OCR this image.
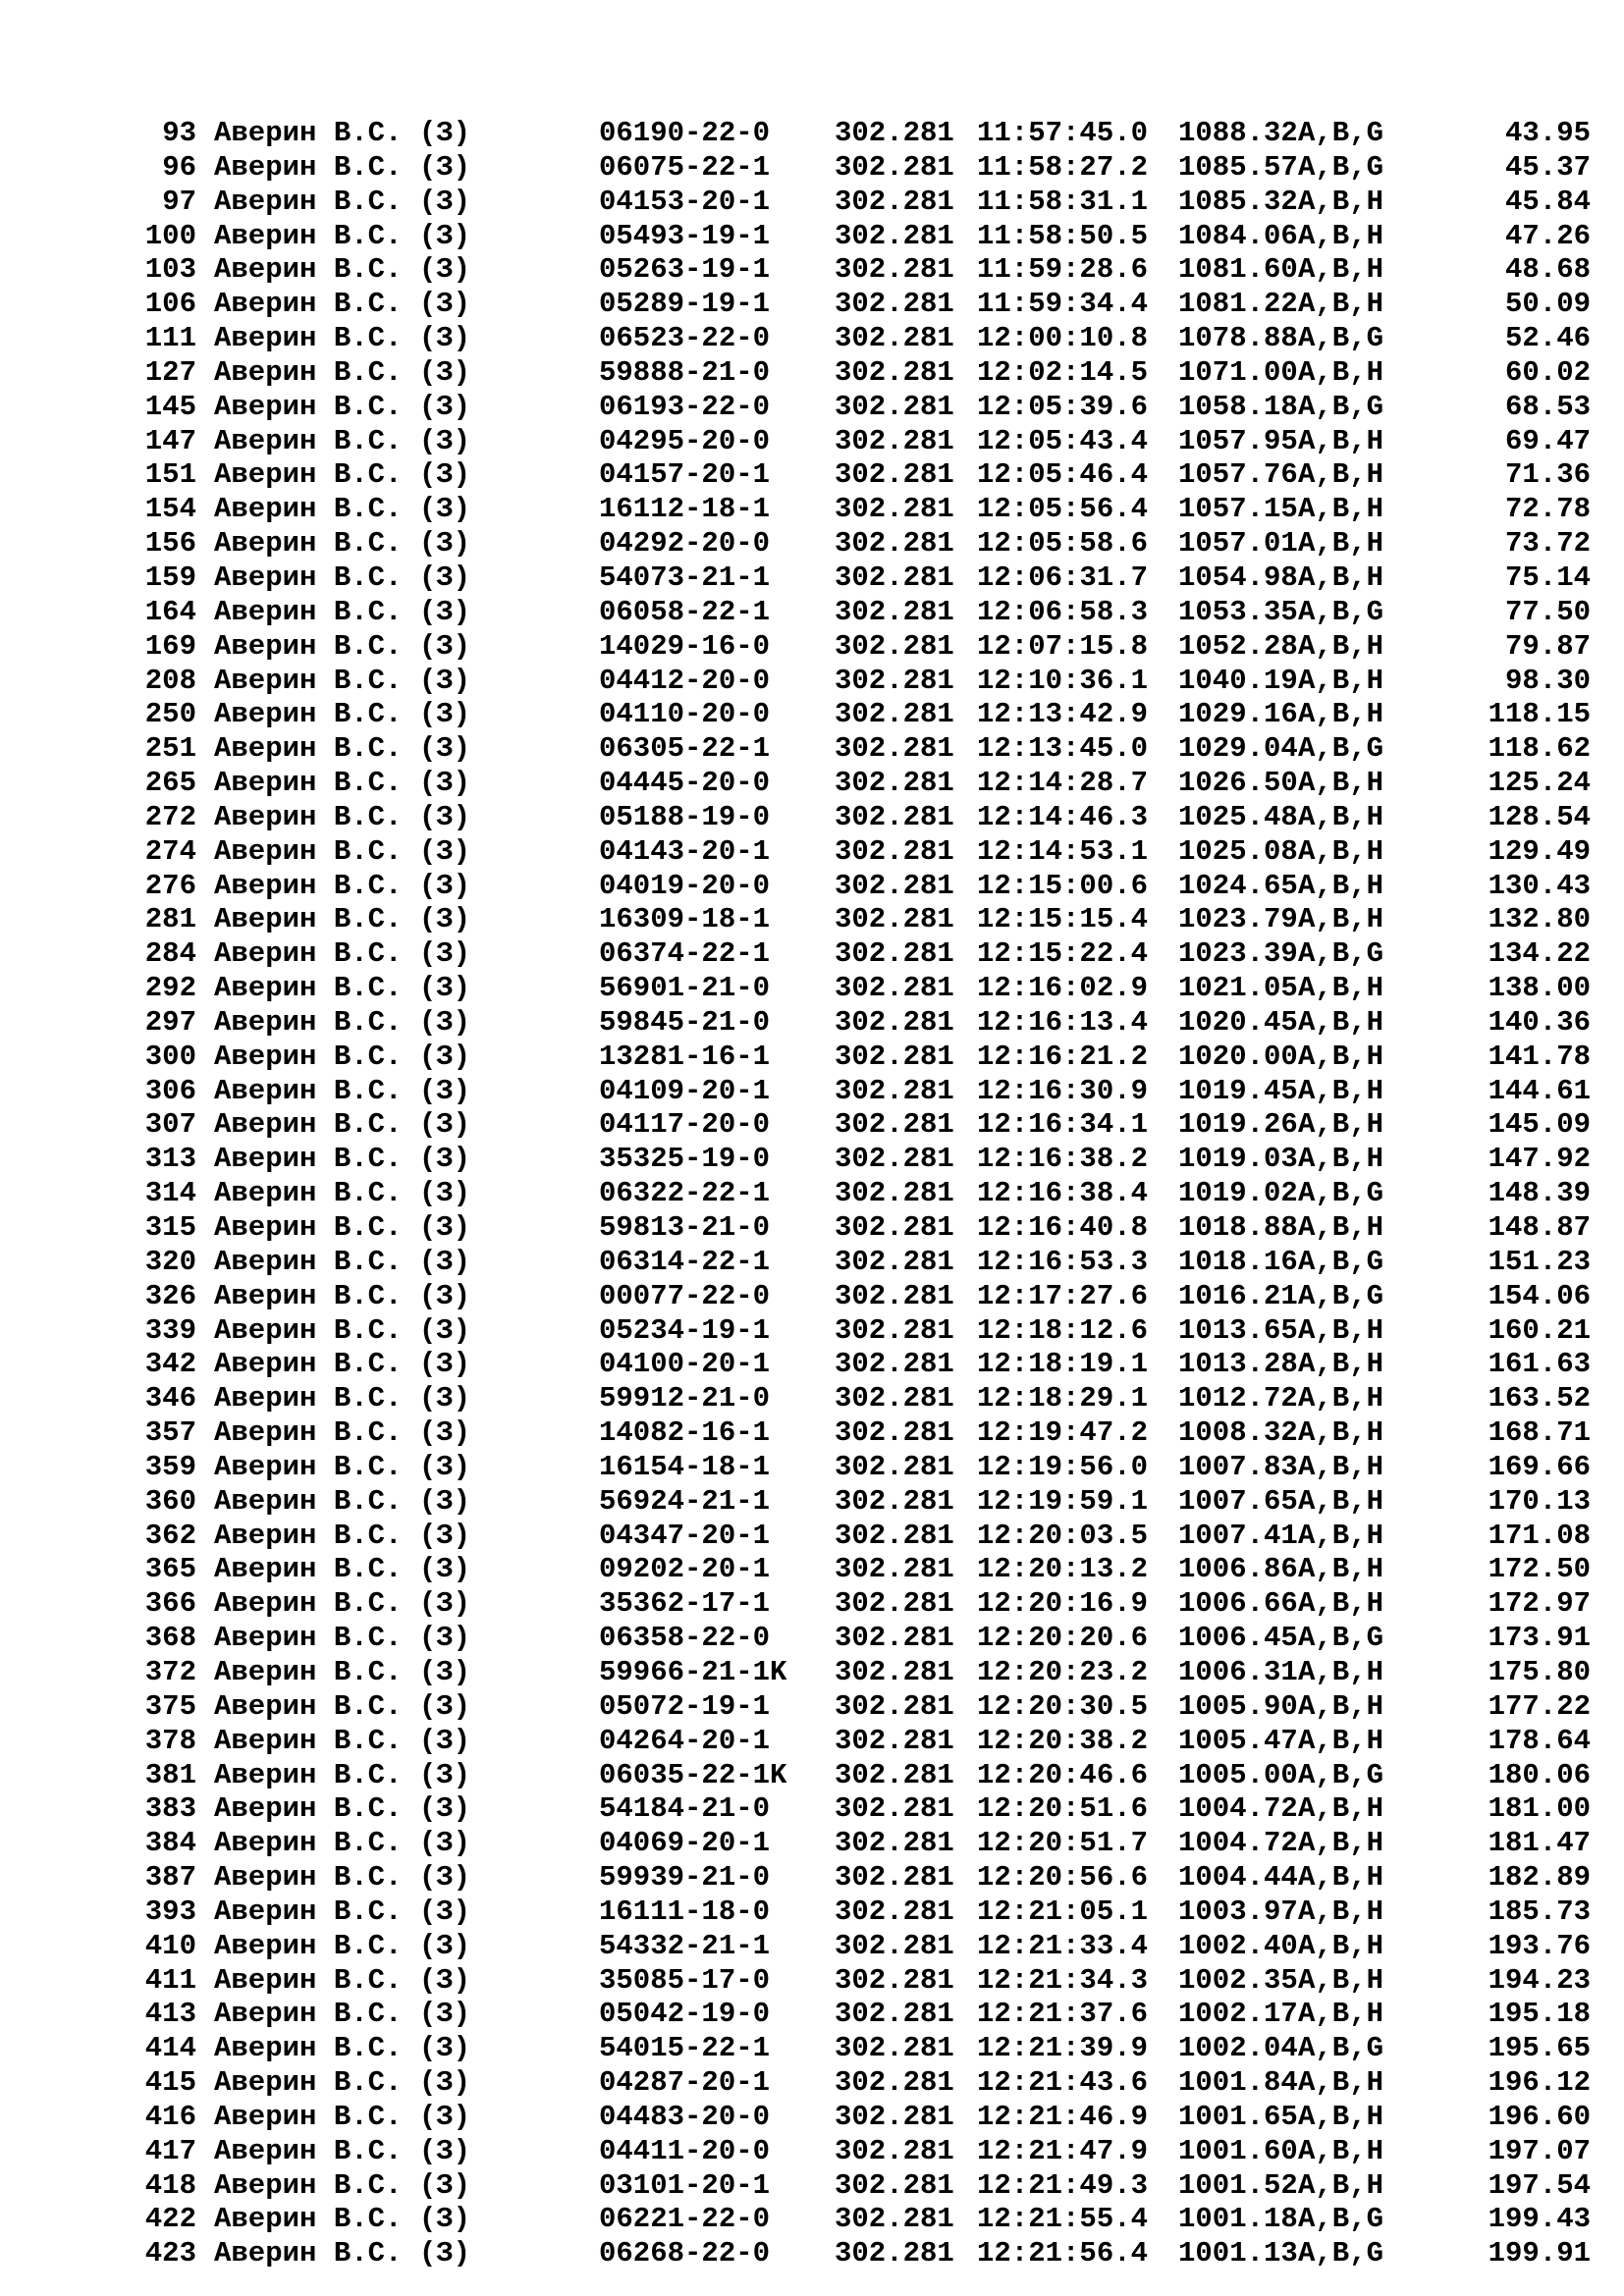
93 Аверин В.С. (З)	06190-22-0 302.281 11:57:45.0 1088.32 A,B,G	43.95
96 Аверин В.С. (З)	06075-22-1 302.281 11:58:27.2 1085.57 A,B,G	45.37
97 Аверин В.С. (З)	04153-20-1 302.281 11:58:31.1 1085.32 A,B,H	45.84
100 Аверин В.С. (З)	05493-19-1 302.281 11:58:50.5 1084.06 A,B,H	47.26
103 Аверин В.С. (З)	05263-19-1 302.281 11:59:28.6 1081.60 A,B,H	48.68
106 Аверин В.С. (З)	05289-19-1 302.281 11:59:34.4 1081.22 A,B,H	50.09
111 Аверин В.С. (З)	06523-22-0 302.281 12:00:10.8 1078.88 A,B,G	52.46
127 Аверин В.С. (З)	59888-21-0 302.281 12:02:14.5 1071.00 A,B,H	60.02
145 Аверин В.С. (З)	06193-22-0 302.281 12:05:39.6 1058.18 A,B,G	68.53
147 Аверин В.С. (З)	04295-20-0 302.281 12:05:43.4 1057.95 A,B,H	69.47
151 Аверин В.С. (З)	04157-20-1 302.281 12:05:46.4 1057.76 A,B,H	71.36
154 Аверин В.С. (З)	16112-18-1 302.281 12:05:56.4 1057.15 A,B,H	72.78
156 Аверин В.С. (З)	04292-20-0 302.281 12:05:58.6 1057.01 A,B,H	73.72
159 Аверин В.С. (З)	54073-21-1 302.281 12:06:31.7 1054.98 A,B,H	75.14
164 Аверин В.С. (З)	06058-22-1 302.281 12:06:58.3 1053.35 A,B,G	77.50
169 Аверин В.С. (З)	14029-16-0 302.281 12:07:15.8 1052.28 A,B,H	79.87
208 Аверин В.С. (З)	04412-20-0 302.281 12:10:36.1 1040.19 A,B,H	98.30
250 Аверин В.С. (З)	04110-20-0 302.281 12:13:42.9 1029.16 A,B,H	118.15
251 Аверин В.С. (З)	06305-22-1 302.281 12:13:45.0 1029.04 A,B,G	118.62
265 Аверин В.С. (З)	04445-20-0 302.281 12:14:28.7 1026.50 A,B,H	125.24
272 Аверин В.С. (З)	05188-19-0 302.281 12:14:46.3 1025.48 A,B,H	128.54
274 Аверин В.С. (З)	04143-20-1 302.281 12:14:53.1 1025.08 A,B,H	129.49
276 Аверин В.С. (З)	04019-20-0 302.281 12:15:00.6 1024.65 A,B,H	130.43
281 Аверин В.С. (З)	16309-18-1 302.281 12:15:15.4 1023.79 A,B,H	132.80
284 Аверин В.С. (З)	06374-22-1 302.281 12:15:22.4 1023.39 A,B,G	134.22
292 Аверин В.С. (З)	56901-21-0 302.281 12:16:02.9 1021.05 A,B,H	138.00
297 Аверин В.С. (З)	59845-21-0 302.281 12:16:13.4 1020.45 A,B,H	140.36
300 Аверин В.С. (З)	13281-16-1 302.281 12:16:21.2 1020.00 A,B,H	141.78
306 Аверин В.С. (З)	04109-20-1 302.281 12:16:30.9 1019.45 A,B,H	144.61
307 Аверин В.С. (З)	04117-20-0 302.281 12:16:34.1 1019.26 A,B,H	145.09
313 Аверин В.С. (З)	35325-19-0 302.281 12:16:38.2 1019.03 A,B,H	147.92
314 Аверин В.С. (З)	06322-22-1 302.281 12:16:38.4 1019.02 A,B,G	148.39
315 Аверин В.С. (З)	59813-21-0 302.281 12:16:40.8 1018.88 A,B,H	148.87
320 Аверин В.С. (З)	06314-22-1 302.281 12:16:53.3 1018.16 A,B,G	151.23
326 Аверин В.С. (З)	00077-22-0 302.281 12:17:27.6 1016.21 A,B,G	154.06
339 Аверин В.С. (З)	05234-19-1 302.281 12:18:12.6 1013.65 A,B,H	160.21
342 Аверин В.С. (З)	04100-20-1 302.281 12:18:19.1 1013.28 A,B,H	161.63
346 Аверин В.С. (З)	59912-21-0 302.281 12:18:29.1 1012.72 A,B,H	163.52
357 Аверин В.С. (З)	14082-16-1 302.281 12:19:47.2 1008.32 A,B,H	168.71
359 Аверин В.С. (З)	16154-18-1 302.281 12:19:56.0 1007.83 A,B,H	169.66
360 Аверин В.С. (З)	56924-21-1 302.281 12:19:59.1 1007.65 A,B,H	170.13
362 Аверин В.С. (З)	04347-20-1 302.281 12:20:03.5 1007.41 A,B,H	171.08
365 Аверин В.С. (З)	09202-20-1 302.281 12:20:13.2 1006.86 A,B,H	172.50
366 Аверин В.С. (З)	35362-17-1 302.281 12:20:16.9 1006.66 A,B,H	172.97
368 Аверин В.С. (З)	06358-22-0 302.281 12:20:20.6 1006.45 A,B,G	173.91
372 Аверин В.С. (З)	59966-21-1K 302.281 12:20:23.2 1006.31 A,B,H	175.80
375 Аверин В.С. (З)	05072-19-1 302.281 12:20:30.5 1005.90 A,B,H	177.22
378 Аверин В.С. (З)	04264-20-1 302.281 12:20:38.2 1005.47 A,B,H	178.64
381 Аверин В.С. (З)	06035-22-1K 302.281 12:20:46.6 1005.00 A,B,G	180.06
383 Аверин В.С. (З)	54184-21-0 302.281 12:20:51.6 1004.72 A,B,H	181.00
384 Аверин В.С. (З)	04069-20-1 302.281 12:20:51.7 1004.72 A,B,H	181.47
387 Аверин В.С. (З)	59939-21-0 302.281 12:20:56.6 1004.44 A,B,H	182.89
393 Аверин В.С. (З)	16111-18-0 302.281 12:21:05.1 1003.97 A,B,H	185.73
410 Аверин В.С. (З)	54332-21-1 302.281 12:21:33.4 1002.40 A,B,H	193.76
411 Аверин В.С. (З)	35085-17-0 302.281 12:21:34.3 1002.35 A,B,H	194.23
413 Аверин В.С. (З)	05042-19-0 302.281 12:21:37.6 1002.17 A,B,H	195.18
414 Аверин В.С. (З)	54015-22-1 302.281 12:21:39.9 1002.04 A,B,G	195.65
415 Аверин В.С. (З)	04287-20-1 302.281 12:21:43.6 1001.84 A,B,H	196.12
416 Аверин В.С. (З)	04483-20-0 302.281 12:21:46.9 1001.65 A,B,H	196.60
417 Аверин В.С. (З)	04411-20-0 302.281 12:21:47.9 1001.60 A,B,H	197.07
418 Аверин В.С. (З)	03101-20-1 302.281 12:21:49.3 1001.52 A,B,H	197.54
422 Аверин В.С. (З)	06221-22-0 302.281 12:21:55.4 1001.18 A,B,G	199.43
423 Аверин В.С. (З)	06268-22-0 302.281 12:21:56.4 1001.13 A,B,G	199.91
